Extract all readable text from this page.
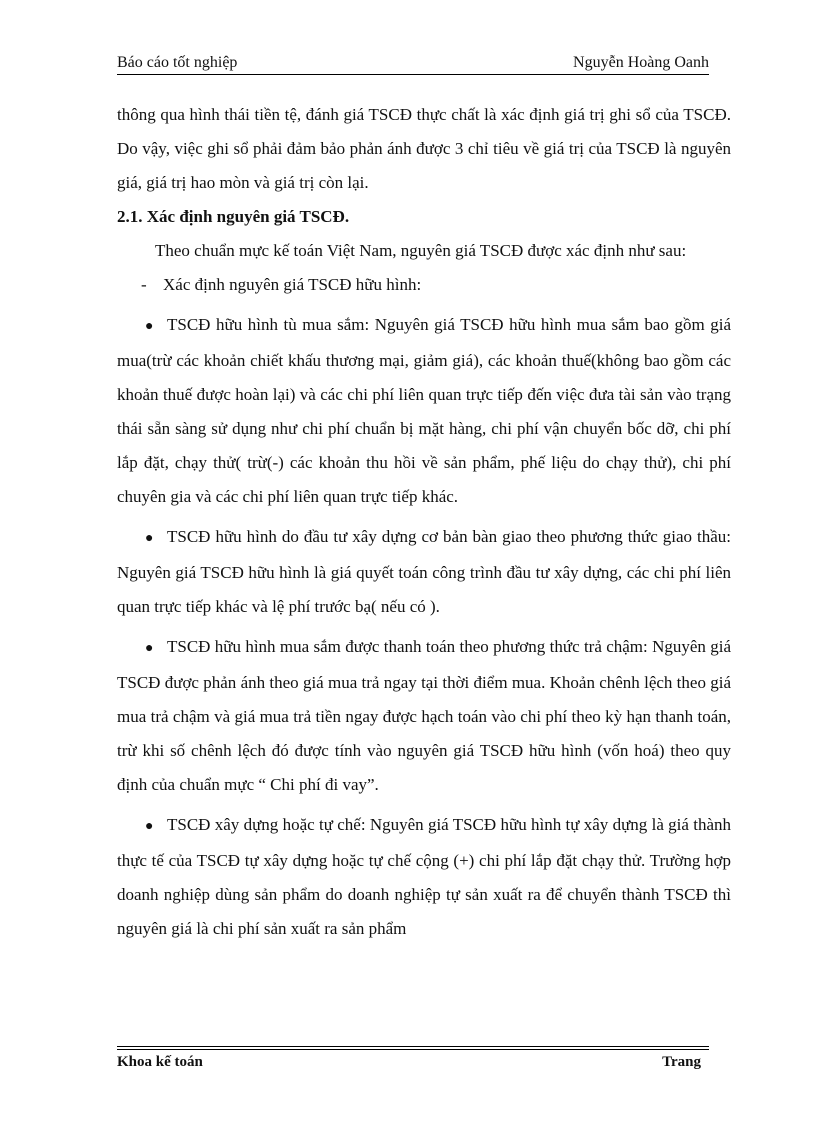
Báo cáo tốt nghiệp	Nguyễn Hoàng Oanh

thông qua hình thái tiền tệ, đánh giá TSCĐ thực chất là xác định giá trị ghi sổ của TSCĐ. Do vậy, việc ghi sổ phải đảm bảo phản ánh được 3 chỉ tiêu về giá trị của TSCĐ là nguyên giá, giá trị hao mòn và giá trị còn lại.

2.1. Xác định nguyên giá TSCĐ.

Theo chuẩn mực kế toán Việt Nam, nguyên giá TSCĐ được xác định như sau:

- Xác định nguyên giá TSCĐ hữu hình:

● TSCĐ hữu hình tù mua sắm: Nguyên giá TSCĐ hữu hình mua sắm bao gồm giá mua(trừ các khoản chiết khấu thương mại, giảm giá), các khoản thuế(không bao gồm các khoản thuế được hoàn lại) và các chi phí liên quan trực tiếp đến việc đưa tài sản vào trạng thái sẵn sàng sử dụng như chi phí chuẩn bị mặt hàng, chi phí vận chuyển bốc dỡ, chi phí lắp đặt, chạy thử( trừ(-) các khoản thu hồi về sản phẩm, phế liệu do chạy thử), chi phí chuyên gia và các chi phí liên quan trực tiếp khác.

● TSCĐ hữu hình do đầu tư xây dựng cơ bản bàn giao theo phương thức giao thầu: Nguyên giá TSCĐ hữu hình là giá quyết toán công trình đầu tư xây dựng, các chi phí liên quan trực tiếp khác và lệ phí trước bạ( nếu có ).

● TSCĐ hữu hình mua sắm được thanh toán theo phương thức trả chậm: Nguyên giá TSCĐ được phản ánh theo giá mua trả ngay tại thời điểm mua. Khoản chênh lệch theo giá mua trả chậm và giá mua trả tiền ngay được hạch toán vào chi phí theo kỳ hạn thanh toán, trừ khi số chênh lệch đó được tính vào nguyên giá TSCĐ hữu hình (vốn hoá) theo quy định của chuẩn mực “ Chi phí đi vay”.

● TSCĐ xây dựng hoặc tự chế: Nguyên giá TSCĐ hữu hình tự xây dựng là giá thành thực tế của TSCĐ tự xây dựng hoặc tự chế cộng (+) chi phí lắp đặt chạy thử. Trường hợp doanh nghiệp dùng sản phẩm do doanh nghiệp tự sản xuất ra để chuyển thành TSCĐ thì nguyên giá là chi phí sản xuất ra sản phẩm

Khoa kế toán	Trang
